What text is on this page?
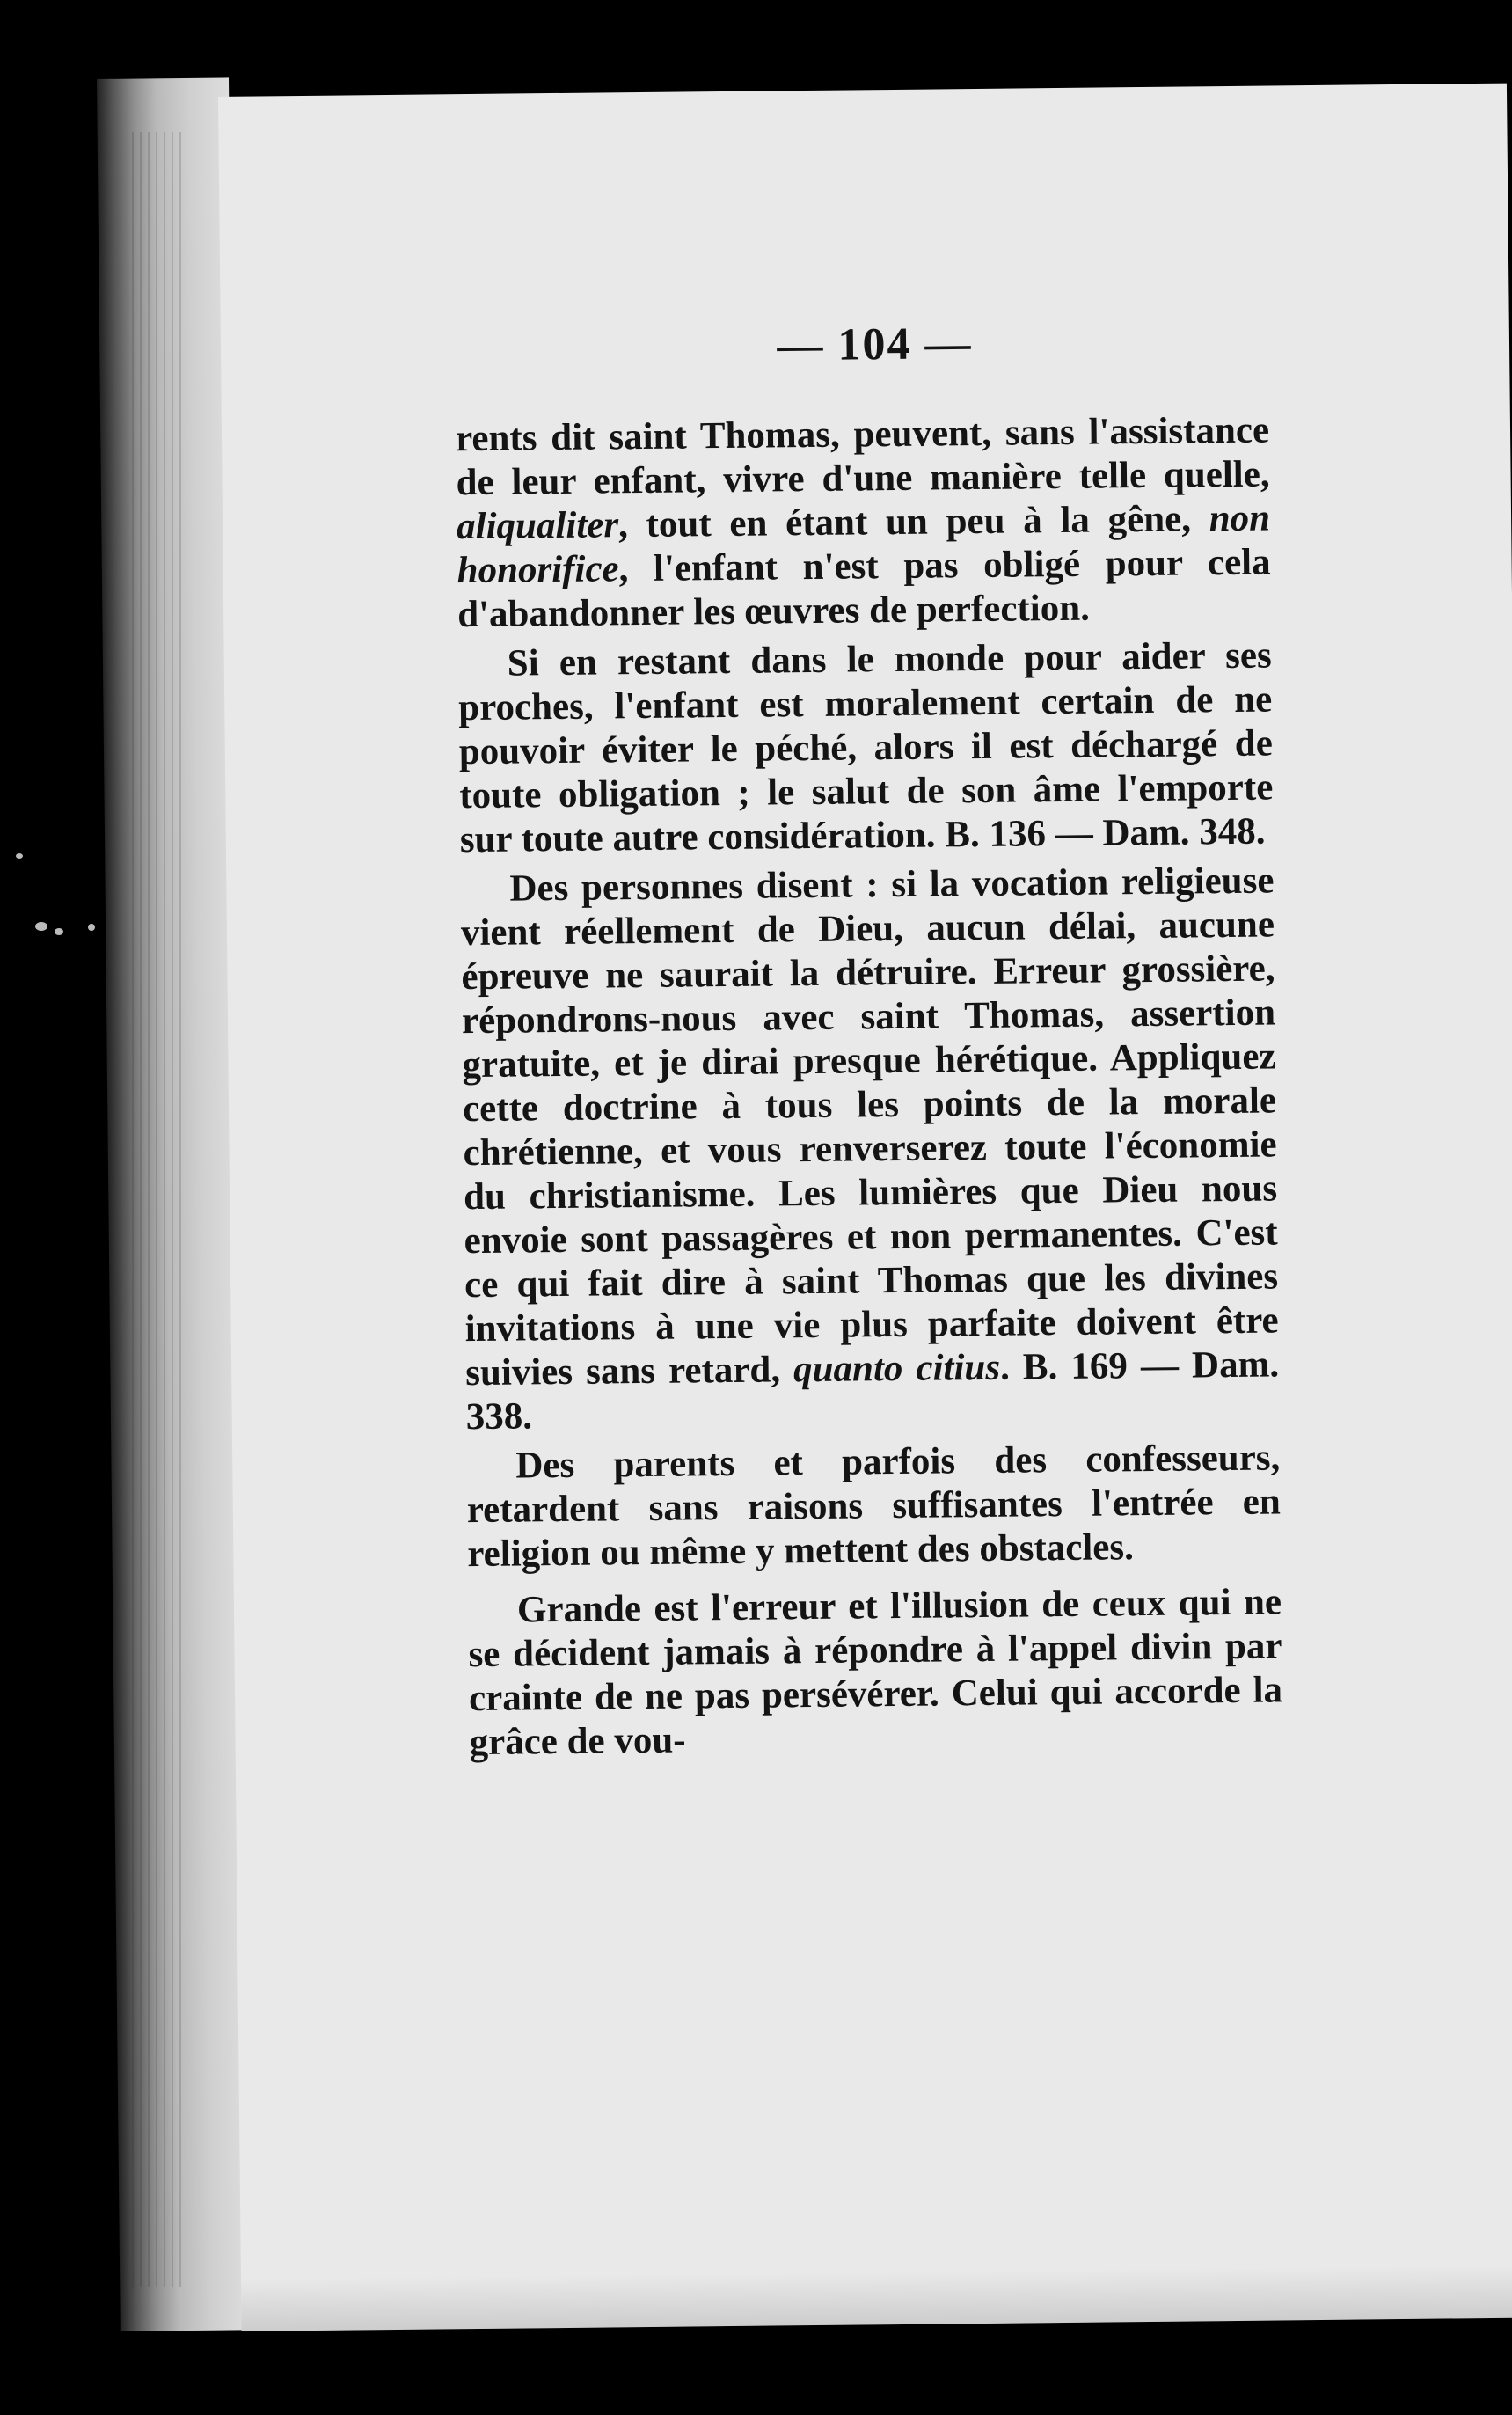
— 104 —

rents dit saint Thomas, peuvent, sans l'assistance de leur enfant, vivre d'une manière telle quelle, aliqualiter, tout en étant un peu à la gêne, non honorifice, l'enfant n'est pas obligé pour cela d'abandonner les œuvres de perfection.

Si en restant dans le monde pour aider ses proches, l'enfant est moralement certain de ne pouvoir éviter le péché, alors il est déchargé de toute obligation ; le salut de son âme l'emporte sur toute autre considération. B. 136 — Dam. 348.

Des personnes disent : si la vocation religieuse vient réellement de Dieu, aucun délai, aucune épreuve ne saurait la détruire. Erreur grossière, répondrons-nous avec saint Thomas, assertion gratuite, et je dirai presque hérétique. Appliquez cette doctrine à tous les points de la morale chrétienne, et vous renverserez toute l'économie du christianisme. Les lumières que Dieu nous envoie sont passagères et non permanentes. C'est ce qui fait dire à saint Thomas que les divines invitations à une vie plus parfaite doivent être suivies sans retard, quanto citius. B. 169 — Dam. 338.

Des parents et parfois des confesseurs, retardent sans raisons suffisantes l'entrée en religion ou même y mettent des obstacles.

Grande est l'erreur et l'illusion de ceux qui ne se décident jamais à répondre à l'appel divin par crainte de ne pas persévérer. Celui qui accorde la grâce de vou-
